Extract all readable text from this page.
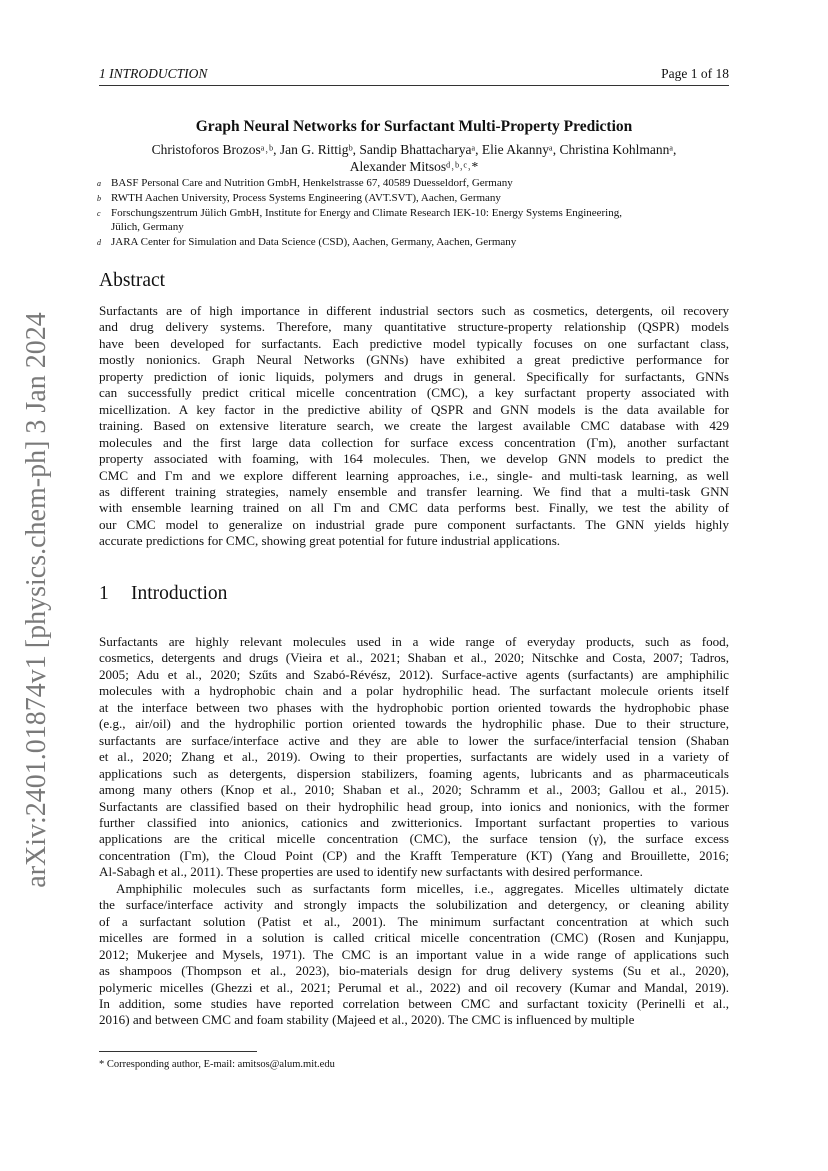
1 INTRODUCTION	Page 1 of 18
arXiv:2401.01874v1 [physics.chem-ph] 3 Jan 2024
Graph Neural Networks for Surfactant Multi-Property Prediction
Christoforos Brozosᵃ˒ᵇ, Jan G. Rittigᵇ, Sandip Bhattacharyaᵃ, Elie Akannyᵃ, Christina Kohlmannᵃ,
Alexander Mitsosᵈ˒ᵇ˒ᶜ˒*
a BASF Personal Care and Nutrition GmbH, Henkelstrasse 67, 40589 Duesseldorf, Germany
b RWTH Aachen University, Process Systems Engineering (AVT.SVT), Aachen, Germany
c Forschungszentrum Jülich GmbH, Institute for Energy and Climate Research IEK-10: Energy Systems Engineering,
Jülich, Germany
d JARA Center for Simulation and Data Science (CSD), Aachen, Germany, Aachen, Germany
Abstract
Surfactants are of high importance in different industrial sectors such as cosmetics, detergents, oil recovery
and drug delivery systems. Therefore, many quantitative structure-property relationship (QSPR) models
have been developed for surfactants. Each predictive model typically focuses on one surfactant class,
mostly nonionics. Graph Neural Networks (GNNs) have exhibited a great predictive performance for
property prediction of ionic liquids, polymers and drugs in general. Specifically for surfactants, GNNs
can successfully predict critical micelle concentration (CMC), a key surfactant property associated with
micellization. A key factor in the predictive ability of QSPR and GNN models is the data available for
training. Based on extensive literature search, we create the largest available CMC database with 429
molecules and the first large data collection for surface excess concentration (Γm), another surfactant
property associated with foaming, with 164 molecules. Then, we develop GNN models to predict the
CMC and Γm and we explore different learning approaches, i.e., single- and multi-task learning, as well
as different training strategies, namely ensemble and transfer learning. We find that a multi-task GNN
with ensemble learning trained on all Γm and CMC data performs best. Finally, we test the ability of
our CMC model to generalize on industrial grade pure component surfactants. The GNN yields highly
accurate predictions for CMC, showing great potential for future industrial applications.
1 Introduction
Surfactants are highly relevant molecules used in a wide range of everyday products, such as food,
cosmetics, detergents and drugs (Vieira et al., 2021; Shaban et al., 2020; Nitschke and Costa, 2007; Tadros,
2005; Adu et al., 2020; Szűts and Szabó-Révész, 2012). Surface-active agents (surfactants) are amphiphilic
molecules with a hydrophobic chain and a polar hydrophilic head. The surfactant molecule orients itself
at the interface between two phases with the hydrophobic portion oriented towards the hydrophobic phase
(e.g., air/oil) and the hydrophilic portion oriented towards the hydrophilic phase. Due to their structure,
surfactants are surface/interface active and they are able to lower the surface/interfacial tension (Shaban
et al., 2020; Zhang et al., 2019). Owing to their properties, surfactants are widely used in a variety of
applications such as detergents, dispersion stabilizers, foaming agents, lubricants and as pharmaceuticals
among many others (Knop et al., 2010; Shaban et al., 2020; Schramm et al., 2003; Gallou et al., 2015).
Surfactants are classified based on their hydrophilic head group, into ionics and nonionics, with the former
further classified into anionics, cationics and zwitterionics. Important surfactant properties to various
applications are the critical micelle concentration (CMC), the surface tension (γ), the surface excess
concentration (Γm), the Cloud Point (CP) and the Krafft Temperature (KT) (Yang and Brouillette, 2016;
Al-Sabagh et al., 2011). These properties are used to identify new surfactants with desired performance.
Amphiphilic molecules such as surfactants form micelles, i.e., aggregates. Micelles ultimately dictate
the surface/interface activity and strongly impacts the solubilization and detergency, or cleaning ability
of a surfactant solution (Patist et al., 2001). The minimum surfactant concentration at which such
micelles are formed in a solution is called critical micelle concentration (CMC) (Rosen and Kunjappu,
2012; Mukerjee and Mysels, 1971). The CMC is an important value in a wide range of applications such
as shampoos (Thompson et al., 2023), bio-materials design for drug delivery systems (Su et al., 2020),
polymeric micelles (Ghezzi et al., 2021; Perumal et al., 2022) and oil recovery (Kumar and Mandal, 2019).
In addition, some studies have reported correlation between CMC and surfactant toxicity (Perinelli et al.,
2016) and between CMC and foam stability (Majeed et al., 2020). The CMC is influenced by multiple
* Corresponding author, E-mail: amitsos@alum.mit.edu
